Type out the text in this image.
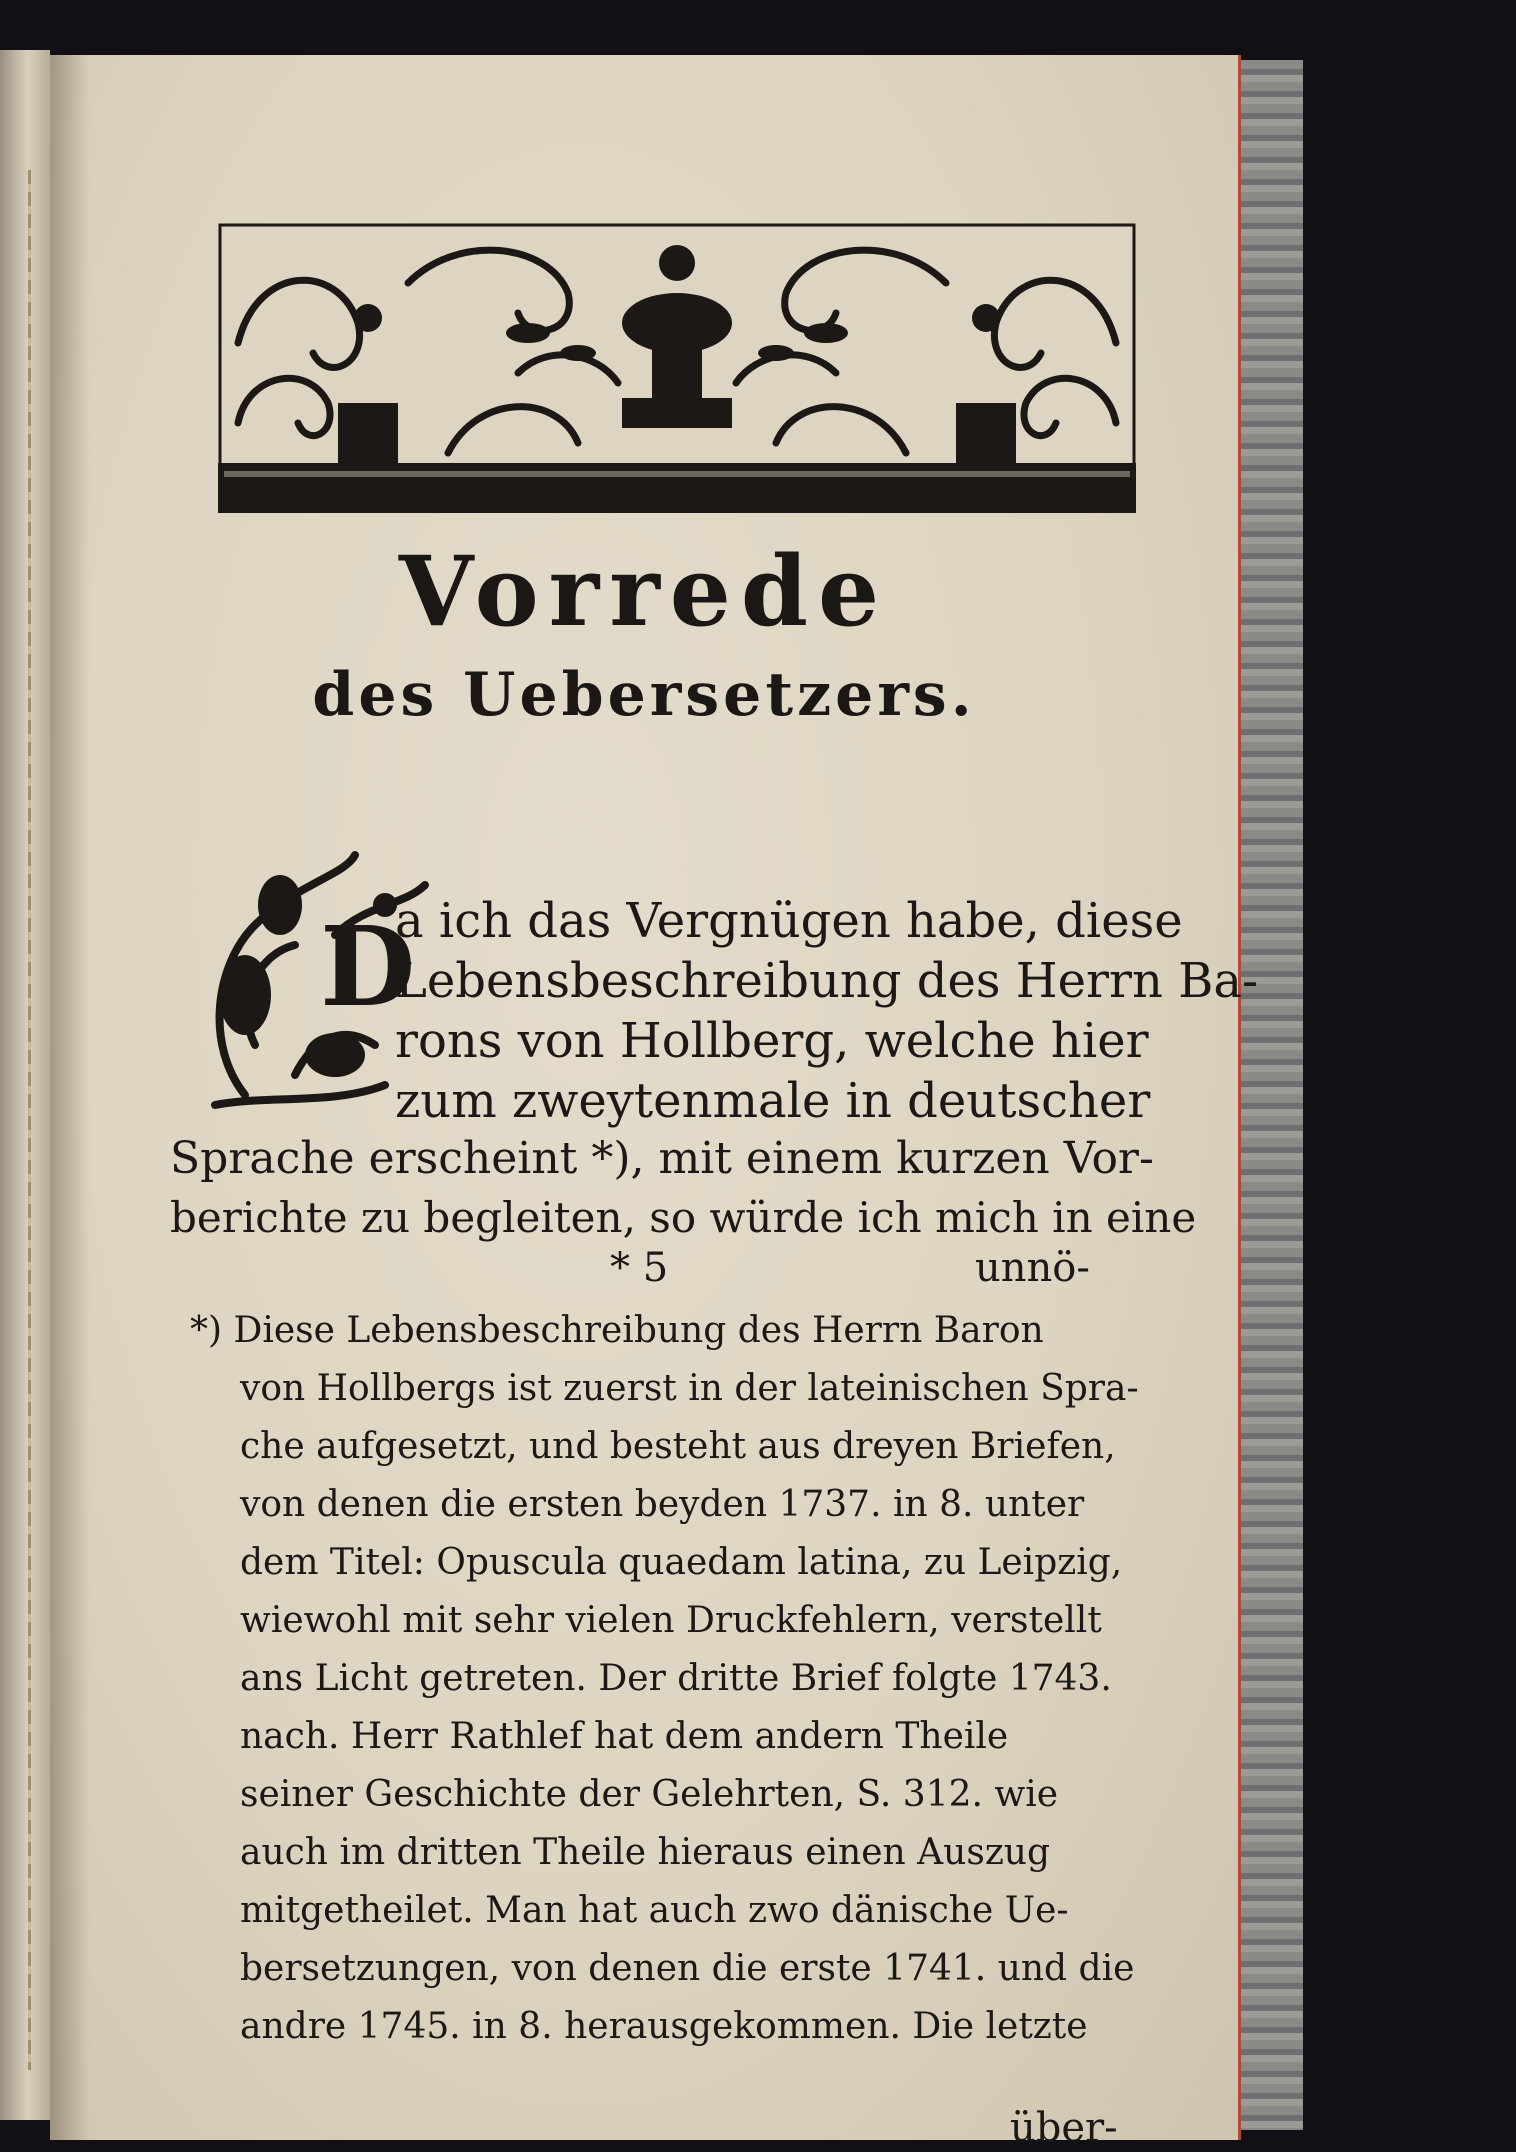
Vorrede

des Uebersetzers.

D

a ich das Vergnügen habe, diese

Lebensbeschreibung des Herrn Ba-

rons von Hollberg, welche hier

zum zweytenmale in deutscher

Sprache erscheint *), mit einem kurzen Vor-

berichte zu begleiten, so würde ich mich in eine

* 5	unnö-

*) Diese Lebensbeschreibung des Herrn Baron

von Hollbergs ist zuerst in der lateinischen Spra-

che aufgesetzt, und besteht aus dreyen Briefen,

von denen die ersten beyden 1737. in 8. unter

dem Titel: Opuscula quaedam latina, zu Leipzig,

wiewohl mit sehr vielen Druckfehlern, verstellt

ans Licht getreten. Der dritte Brief folgte 1743.

nach. Herr Rathlef hat dem andern Theile

seiner Geschichte der Gelehrten, S. 312. wie

auch im dritten Theile hieraus einen Auszug

mitgetheilet. Man hat auch zwo dänische Ue-

bersetzungen, von denen die erste 1741. und die

andre 1745. in 8. herausgekommen. Die letzte

über-
